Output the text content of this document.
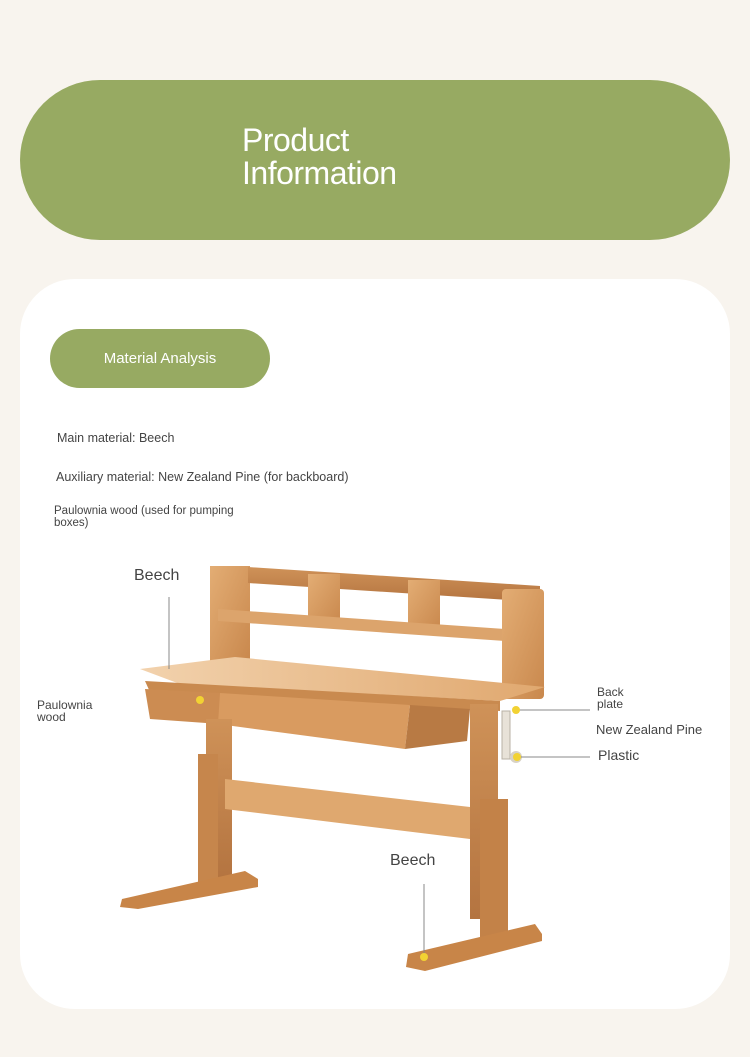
Product
Information
Material Analysis
Main material: Beech
Auxiliary material: New Zealand Pine (for backboard)
Paulownia wood (used for pumping boxes)
Beech
Paulownia wood
Back plate
New Zealand Pine
Plastic
Beech
